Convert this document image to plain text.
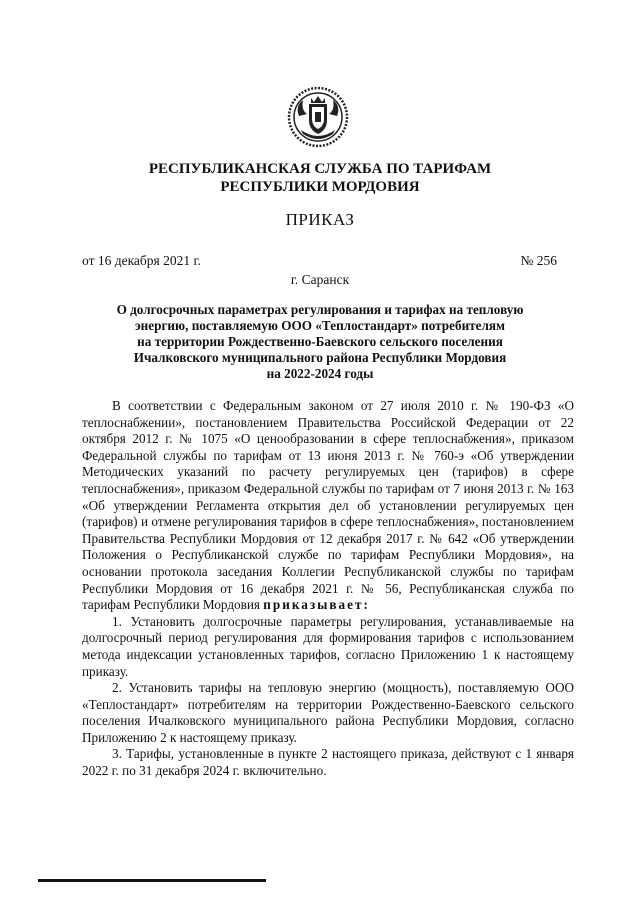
РЕСПУБЛИКАНСКАЯ СЛУЖБА ПО ТАРИФАМ
РЕСПУБЛИКИ МОРДОВИЯ
ПРИКАЗ
от 16 декабря 2021 г.	№ 256
г. Саранск
О долгосрочных параметрах регулирования и тарифах на тепловую
энергию, поставляемую ООО «Теплостандарт» потребителям
на территории Рождественно-Баевского сельского поселения
Ичалковского муниципального района Республики Мордовия
на 2022-2024 годы

В соответствии с Федеральным законом от 27 июля 2010 г. № 190-ФЗ «О теплоснабжении», постановлением Правительства Российской Федерации от 22 октября 2012 г. № 1075 «О ценообразовании в сфере теплоснабжения», приказом Федеральной службы по тарифам от 13 июня 2013 г. № 760-э «Об утверждении Методических указаний по расчету регулируемых цен (тарифов) в сфере теплоснабжения», приказом Федеральной службы по тарифам от 7 июня 2013 г. № 163 «Об утверждении Регламента открытия дел об установлении регулируемых цен (тарифов) и отмене регулирования тарифов в сфере теплоснабжения», постановлением Правительства Республики Мордовия от 12 декабря 2017 г. № 642 «Об утверждении Положения о Республиканской службе по тарифам Республики Мордовия», на основании протокола заседания Коллегии Республиканской службы по тарифам Республики Мордовия от 16 декабря 2021 г. № 56, Республиканская служба по тарифам Республики Мордовия приказывает:

1. Установить долгосрочные параметры регулирования, устанавливаемые на долгосрочный период регулирования для формирования тарифов с использованием метода индексации установленных тарифов, согласно Приложению 1 к настоящему приказу.

2. Установить тарифы на тепловую энергию (мощность), поставляемую ООО «Теплостандарт» потребителям на территории Рождественно-Баевского сельского поселения Ичалковского муниципального района Республики Мордовия, согласно Приложению 2 к настоящему приказу.

3. Тарифы, установленные в пункте 2 настоящего приказа, действуют с 1 января 2022 г. по 31 декабря 2024 г. включительно.
